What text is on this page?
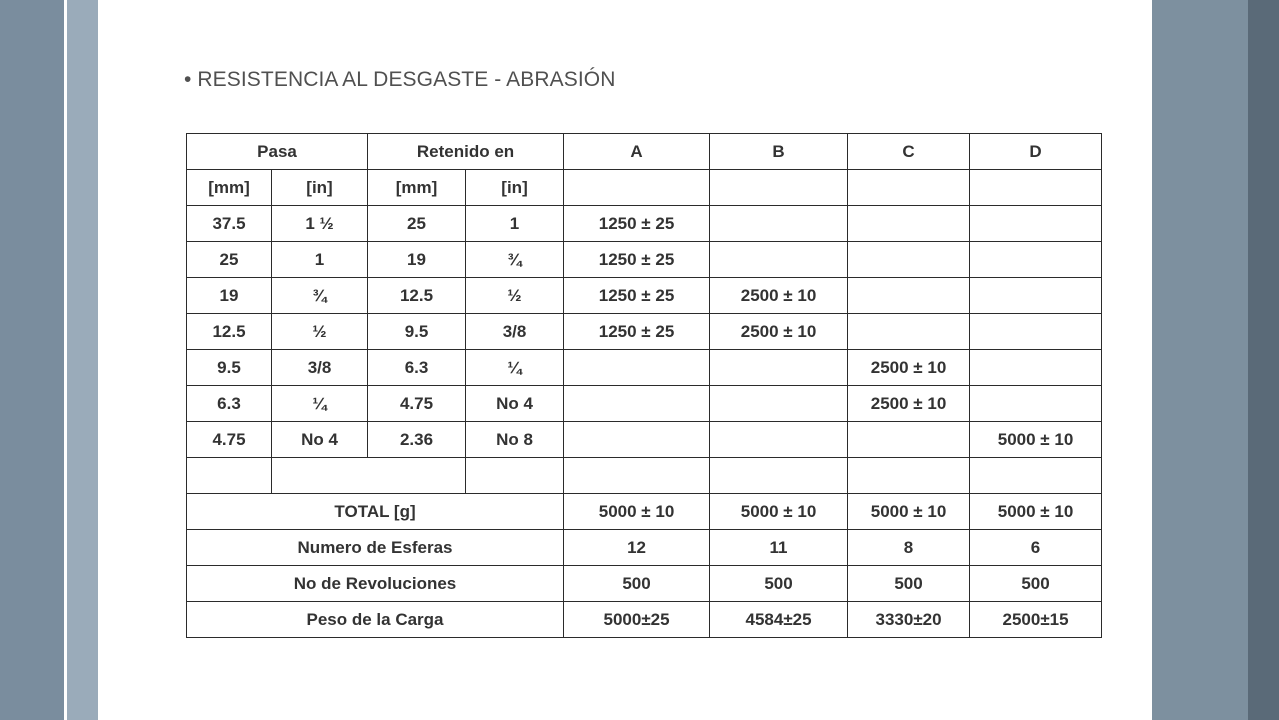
• RESISTENCIA AL DESGASTE - ABRASIÓN
Pasa		Retenido en		A	B	C	D
[mm]	[in]	[mm]	[in]				
37.5	1 ½	25	1	1250 ± 25			
25	1	19	¾	1250 ± 25			
19	¾	12.5	½	1250 ± 25	2500 ± 10		
12.5	½	9.5	3/8	1250 ± 25	2500 ± 10		
9.5	3/8	6.3	¼			2500 ± 10	
6.3	¼	4.75	No 4			2500 ± 10	
4.75	No 4	2.36	No 8				5000 ± 10

TOTAL [g]				5000 ± 10	5000 ± 10	5000 ± 10	5000 ± 10
Numero de Esferas				12	11	8	6
No de Revoluciones				500	500	500	500
Peso de la Carga				5000±25	4584±25	3330±20	2500±15
